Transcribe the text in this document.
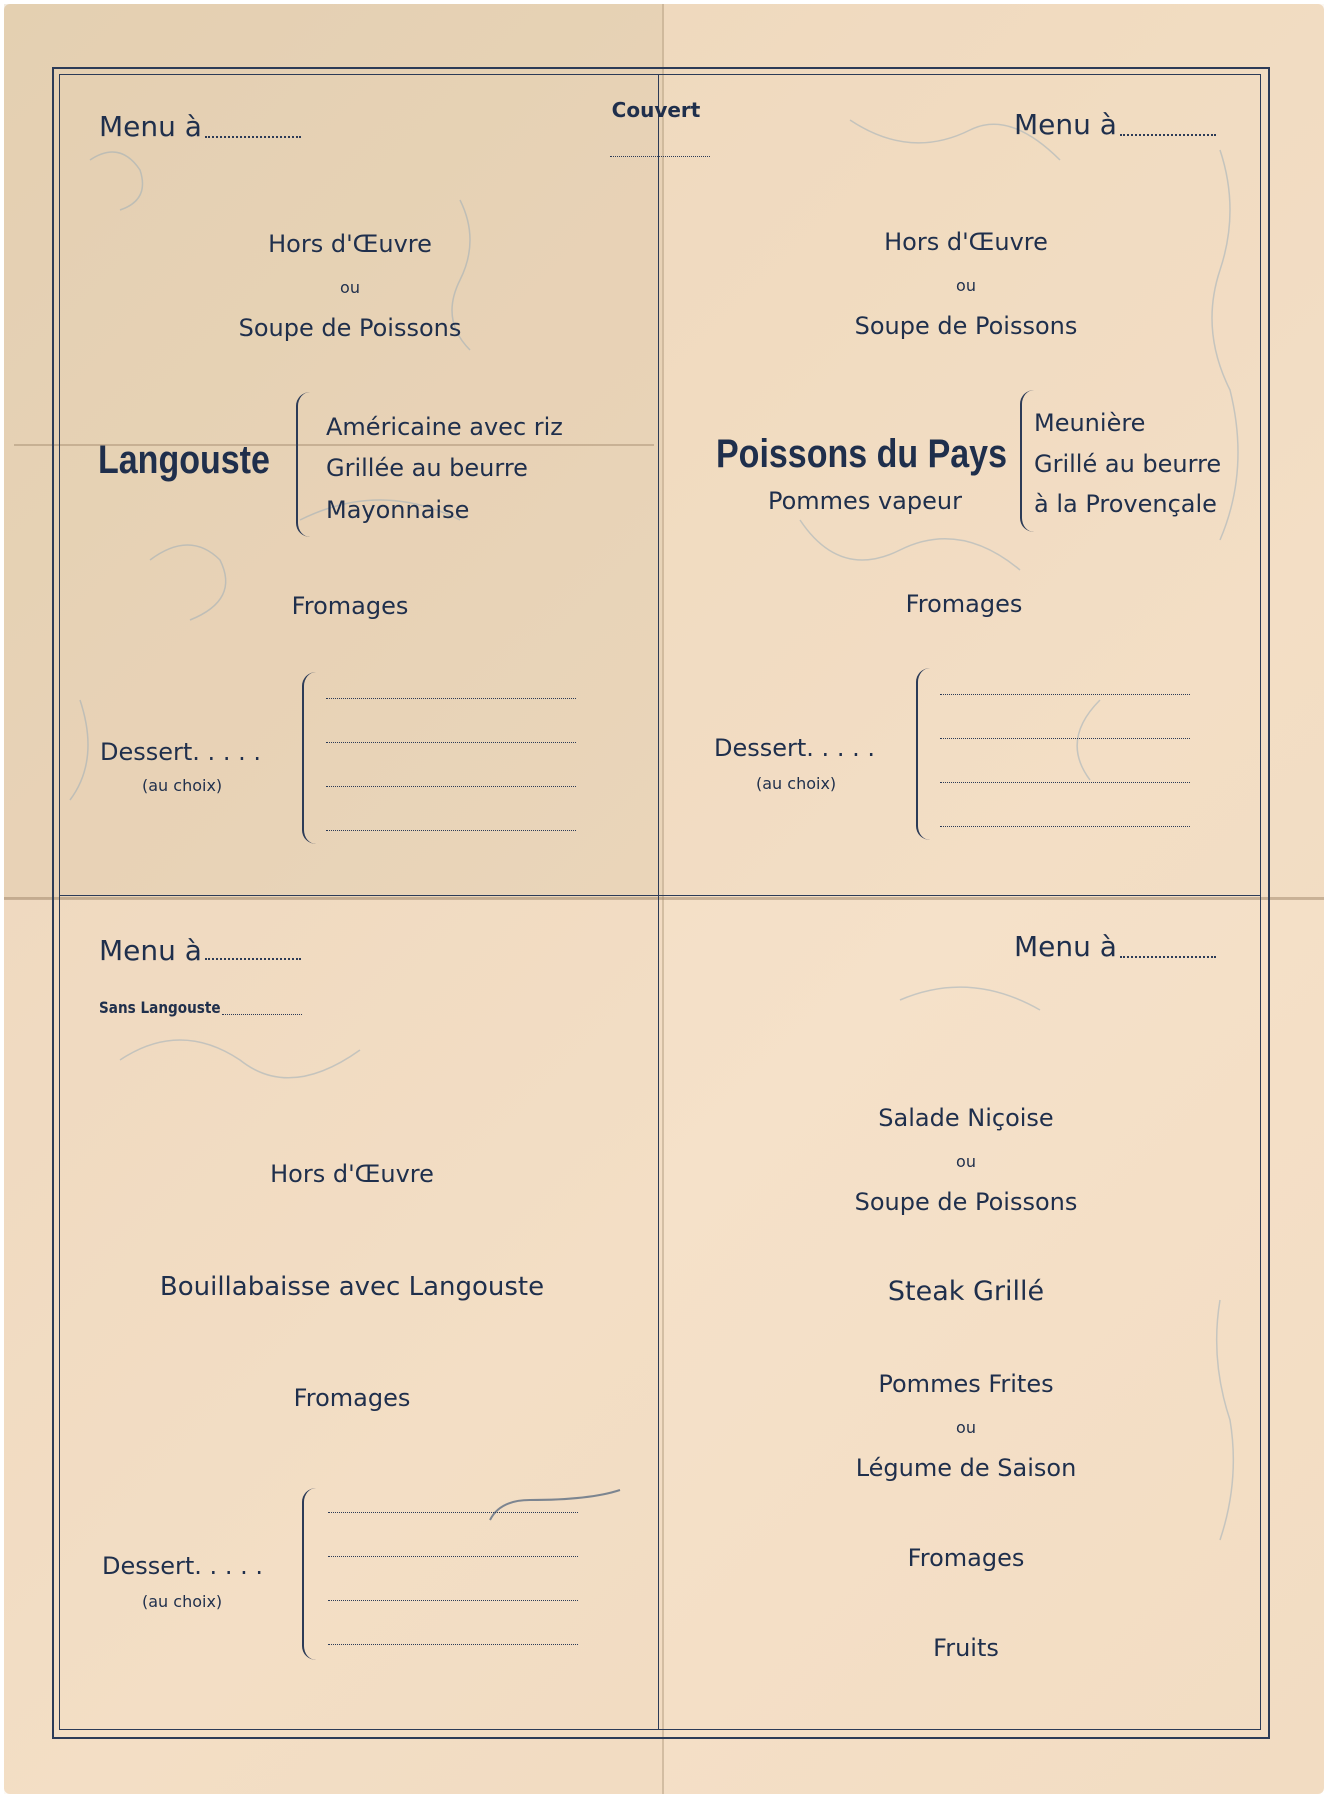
Couvert
Menu à
Hors d'Œuvre
ou
Soupe de Poissons
Langouste
Américaine avec riz
Grillée au beurre
Mayonnaise
Fromages
Dessert. . . . .
(au choix)
Menu à
Hors d'Œuvre
ou
Soupe de Poissons
Poissons du Pays
Pommes vapeur
Meunière
Grillé au beurre
à la Provençale
Fromages
Dessert. . . . .
(au choix)
Menu à
Sans Langouste
Hors d'Œuvre
Bouillabaisse avec Langouste
Fromages
Dessert. . . . .
(au choix)
Menu à
Salade Niçoise
ou
Soupe de Poissons
Steak Grillé
Pommes Frites
ou
Légume de Saison
Fromages
Fruits
